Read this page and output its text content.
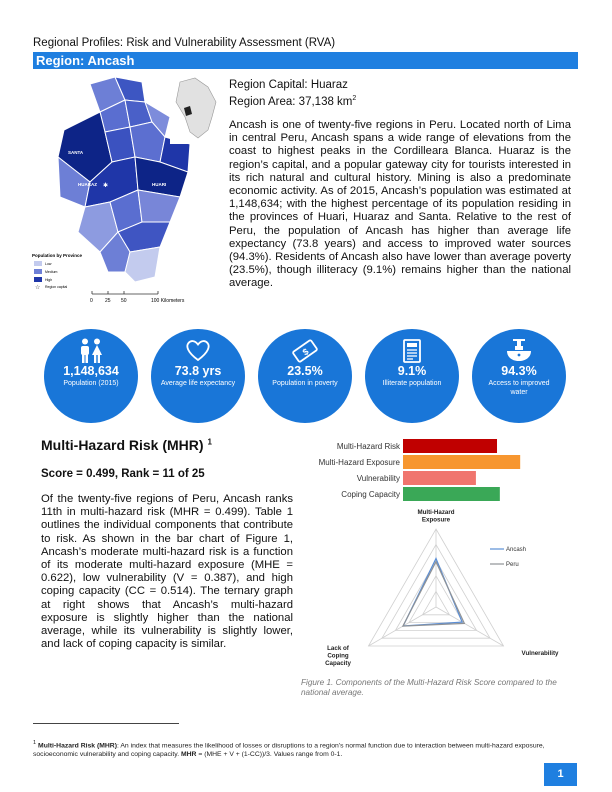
Regional Profiles: Risk and Vulnerability Assessment (RVA)
Region: Ancash
SANTA
HUARAZ ✱	HUARI
Population by Province
Low
Medium
High
☆ Region capital
0 25 50	100 Kilometers
Region Capital: Huaraz
Region Area: 37,138 $km^2$
Ancash is one of twenty-five regions in Peru. Located north of Lima in central Peru, Ancash spans a wide range of elevations from the coast to highest peaks in the Cordilleara Blanca. Huaraz is the region’s capital, and a popular gateway city for tourists interested in its rich natural and cultural history. Mining is also a predominate economic activity. As of 2015, Ancash’s population was estimated at 1,148,634; with the highest percentage of its population residing in the provinces of Huari, Huaraz and Santa. Relative to the rest of Peru, the population of Ancash has higher than average life expectancy (73.8 years) and access to improved water sources (94.3%). Residents of Ancash also have lower than average poverty (23.5%), though illiteracy (9.1%) remains higher than the national average.
1,148,634
Population (2015)
73.8 yrs
Average life expectancy
$
23.5%
Population in poverty
9.1%
Illiterate population
94.3%
Access to improved water
Multi-Hazard Risk (MHR) $^1$
Score = 0.499, Rank = 11 of 25
Of the twenty-five regions of Peru, Ancash ranks 11th in multi-hazard risk (MHR = 0.499). Table 1 outlines the individual components that contribute to risk. As shown in the bar chart of Figure 1, Ancash’s moderate multi-hazard risk is a function of its moderate multi-hazard exposure (MHE = 0.622), low vulnerability (V = 0.387), and high coping capacity (CC = 0.514). The ternary graph at right shows that Ancash’s multi-hazard exposure is slightly higher than the national average, while its vulnerability is slightly lower, and lack of coping capacity is similar.
Multi-Hazard Risk
Multi-Hazard Exposure
Vulnerability
Coping Capacity
Multi-Hazard
Exposure
Vulnerability
Lack of
Coping
Capacity
Ancash
Peru
Figure 1. Components of the Multi-Hazard Risk Score compared to the national average.
$^1$ Multi-Hazard Risk (MHR): An index that measures the likelihood of losses or disruptions to a region’s normal function due to interaction between multi-hazard exposure, socioeconomic vulnerability and coping capacity. MHR = (MHE + V + (1-CC))/3. Values range from 0-1.
1
